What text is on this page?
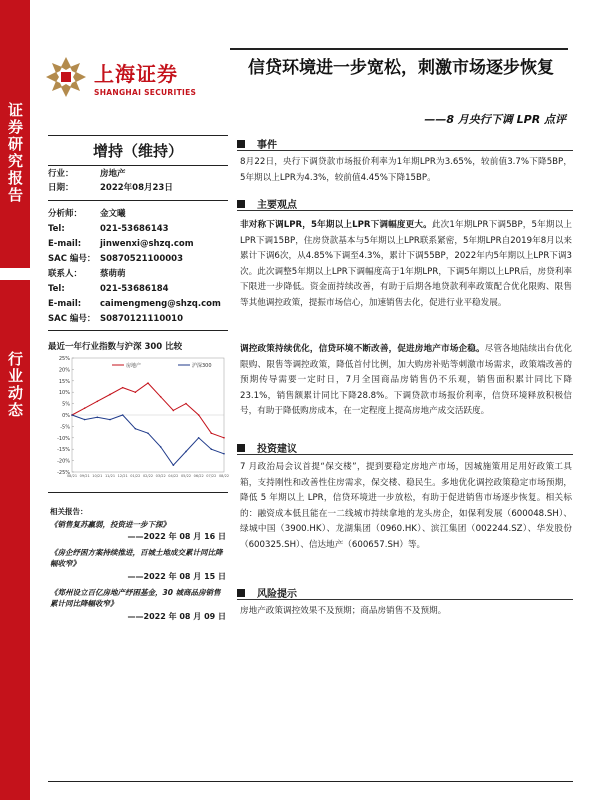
证券研究报告
行业动态
上海证券
SHANGHAI SECURITIES
信贷环境进一步宽松，刺激市场逐步恢复
——8 月央行下调 LPR 点评
增持（维持）
行业：	房地产
日期：	2022年08月23日
分析师：	金文曦
Tel:	021-53686143
E-mail:	jinwenxi@shzq.com
SAC 编号： S0870521100003
联系人：	蔡萌萌
Tel:	021-53686184
E-mail:	caimengmeng@shzq.com
SAC 编号： S0870121110010
最近一年行业指数与沪深 300 比较
25%
20%
15%
10%
5%
0%
-5%
-10%
-15%
-20%
-25%
08/21 09/21 10/21 11/21 12/21 01/22 02/22 03/22 04/22 05/22 06/22 07/22 08/22
房地产	沪深300
相关报告：
《销售复苏羸弱，投资进一步下探》
——2022 年 08 月 16 日
《房企纾困方案持续推进，百城土地成交累计同比降幅收窄》
——2022 年 08 月 15 日
《郑州设立百亿房地产纾困基金，30 城商品房销售累计同比降幅收窄》
——2022 年 08 月 09 日
事件
8月22日，央行下调贷款市场报价利率为1年期LPR为3.65%，较前值3.7%下降5BP，5年期以上LPR为4.3%，较前值4.45%下降15BP。
主要观点
非对称下调LPR，5年期以上LPR下调幅度更大。此次1年期LPR下调5BP，5年期以上LPR下调15BP，住房贷款基本与5年期以上LPR联系紧密，5年期LPR自2019年8月以来累计下调6次，从4.85%下调至4.3%，累计下调55BP，2022年内5年期以上LPR下调3次。此次调整5年期以上LPR下调幅度高于1年期LPR，下调5年期以上LPR后，房贷利率下限进一步降低。资金面持续改善，有助于后期各地贷款利率政策配合优化限购、限售等其他调控政策，提振市场信心，加速销售去化，促进行业平稳发展。
调控政策持续优化，信贷环境不断改善，促进房地产市场企稳。尽管各地陆续出台优化限购、限售等调控政策，降低首付比例，加大购房补贴等刺激市场需求，政策端改善的预期传导需要一定时日，7月全国商品房销售仍不乐观，销售面积累计同比下降23.1%，销售额累计同比下降28.8%。下调贷款市场报价利率，信贷环境释放积极信号，有助于降低购房成本，在一定程度上提高房地产成交活跃度。
投资建议
7 月政治局会议首提“保交楼”，提到要稳定房地产市场，因城施策用足用好政策工具箱，支持刚性和改善性住房需求，保交楼、稳民生。多地优化调控政策稳定市场预期，降低 5 年期以上 LPR，信贷环境进一步放松，有助于促进销售市场逐步恢复。相关标的：融资成本低且能在一二线城市持续拿地的龙头房企，如保利发展（600048.SH）、绿城中国（3900.HK）、龙湖集团（0960.HK）、滨江集团（002244.SZ）、华发股份（600325.SH）、信达地产（600657.SH）等。
风险提示
房地产政策调控效果不及预期；商品房销售不及预期。
